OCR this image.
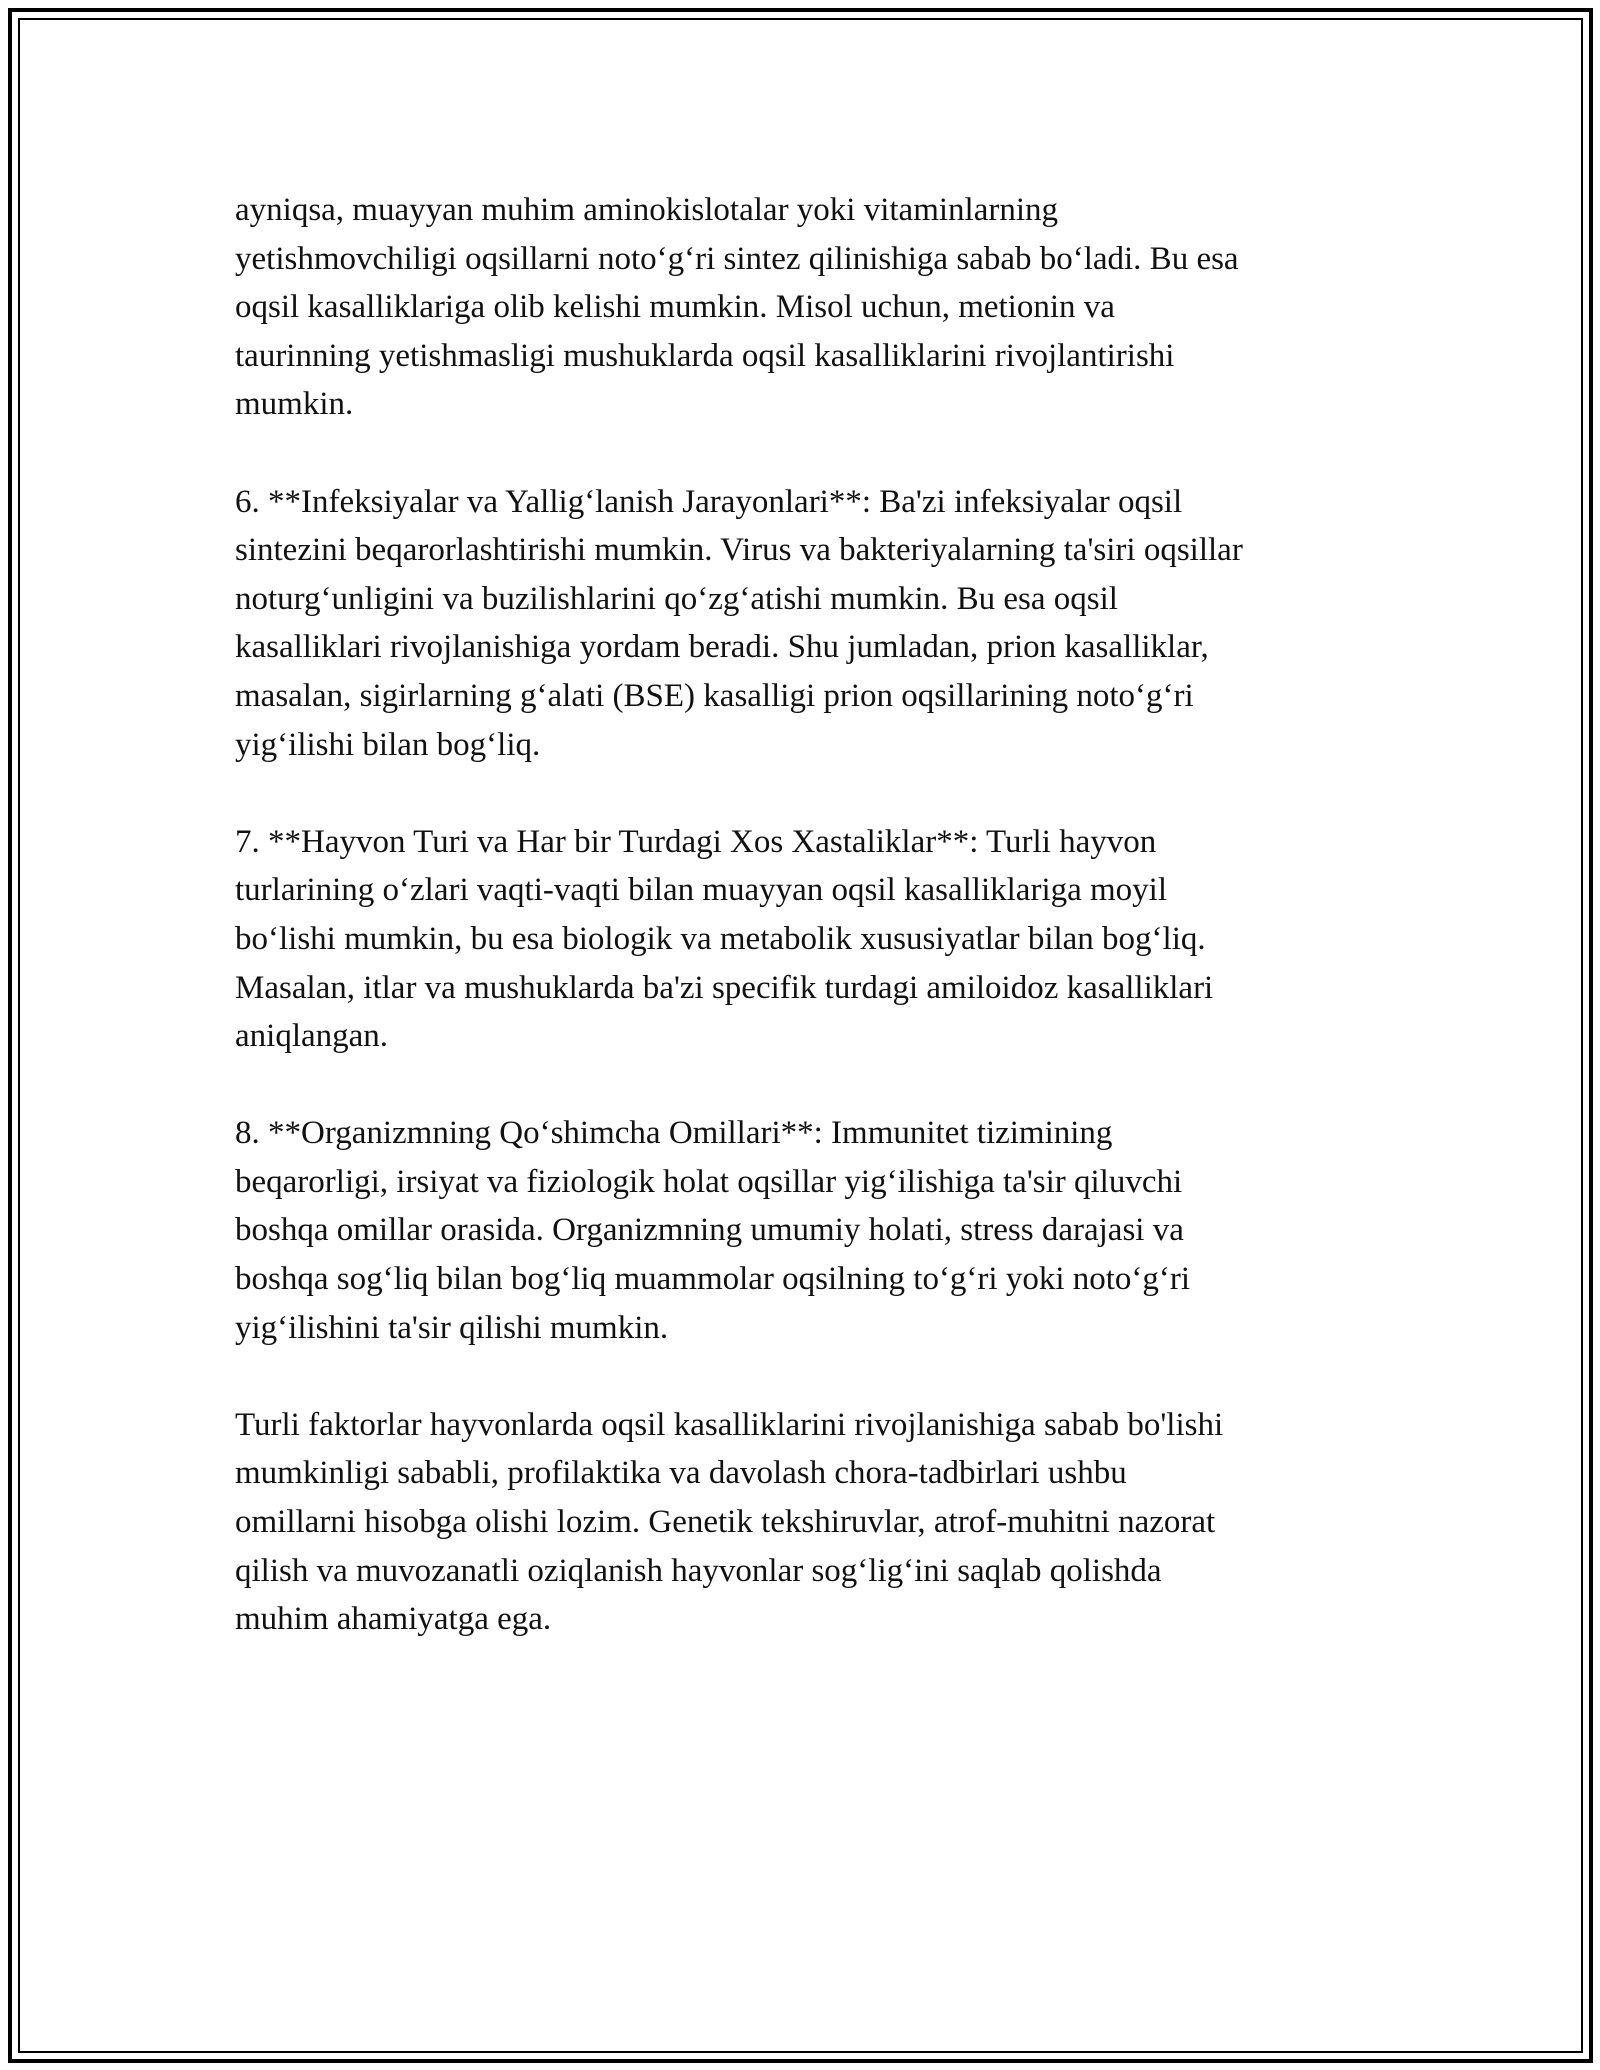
ayniqsa, muayyan muhim aminokislotalar yoki vitaminlarning
yetishmovchiligi oqsillarni noto‘g‘ri sintez qilinishiga sabab bo‘ladi. Bu esa
oqsil kasalliklariga olib kelishi mumkin. Misol uchun, metionin va
taurinning yetishmasligi mushuklarda oqsil kasalliklarini rivojlantirishi
mumkin.

6. **Infeksiyalar va Yallig‘lanish Jarayonlari**: Ba'zi infeksiyalar oqsil
sintezini beqarorlashtirishi mumkin. Virus va bakteriyalarning ta'siri oqsillar
noturg‘unligini va buzilishlarini qo‘zg‘atishi mumkin. Bu esa oqsil
kasalliklari rivojlanishiga yordam beradi. Shu jumladan, prion kasalliklar,
masalan, sigirlarning g‘alati (BSE) kasalligi prion oqsillarining noto‘g‘ri
yig‘ilishi bilan bog‘liq.

7. **Hayvon Turi va Har bir Turdagi Xos Xastaliklar**: Turli hayvon
turlarining o‘zlari vaqti-vaqti bilan muayyan oqsil kasalliklariga moyil
bo‘lishi mumkin, bu esa biologik va metabolik xususiyatlar bilan bog‘liq.
Masalan, itlar va mushuklarda ba'zi specifik turdagi amiloidoz kasalliklari
aniqlangan.

8. **Organizmning Qo‘shimcha Omillari**: Immunitet tizimining
beqarorligi, irsiyat va fiziologik holat oqsillar yig‘ilishiga ta'sir qiluvchi
boshqa omillar orasida. Organizmning umumiy holati, stress darajasi va
boshqa sog‘liq bilan bog‘liq muammolar oqsilning to‘g‘ri yoki noto‘g‘ri
yig‘ilishini ta'sir qilishi mumkin.

Turli faktorlar hayvonlarda oqsil kasalliklarini rivojlanishiga sabab bo'lishi
mumkinligi sababli, profilaktika va davolash chora-tadbirlari ushbu
omillarni hisobga olishi lozim. Genetik tekshiruvlar, atrof-muhitni nazorat
qilish va muvozanatli oziqlanish hayvonlar sog‘lig‘ini saqlab qolishda
muhim ahamiyatga ega.
